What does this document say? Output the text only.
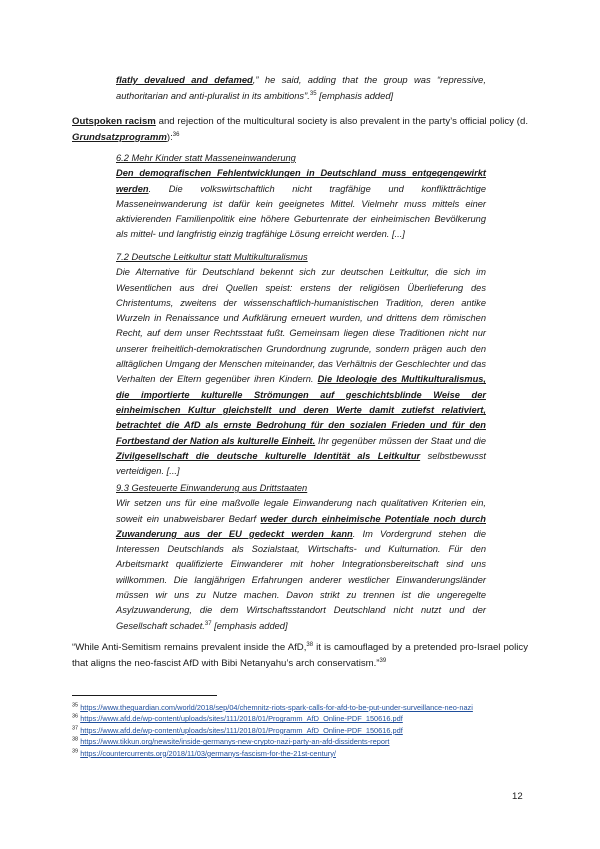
flatly devalued and defamed,” he said, adding that the group was “repressive, authoritarian and anti-pluralist in its ambitions”.$^{35}$ [emphasis added]
Outspoken racism and rejection of the multicultural society is also prevalent in the party’s official policy (d. Grundsatzprogramm):$^{36}$
6.2 Mehr Kinder statt Masseneinwanderung
Den demografischen Fehlentwicklungen in Deutschland muss entgegengewirkt werden. Die volkswirtschaftlich nicht tragfähige und konfliktträchtige Masseneinwanderung ist dafür kein geeignetes Mittel. Vielmehr muss mittels einer aktivierenden Familienpolitik eine höhere Geburtenrate der einheimischen Bevölkerung als mittel- und langfristig einzig tragfähige Lösung erreicht werden. [...]
7.2 Deutsche Leitkultur statt Multikulturalismus
Die Alternative für Deutschland bekennt sich zur deutschen Leitkultur, die sich im Wesentlichen aus drei Quellen speist: erstens der religiösen Überlieferung des Christentums, zweitens der wissenschaftlich-humanistischen Tradition, deren antike Wurzeln in Renaissance und Aufklärung erneuert wurden, und drittens dem römischen Recht, auf dem unser Rechtsstaat fußt. Gemeinsam liegen diese Traditionen nicht nur unserer freiheitlich-demokratischen Grundordnung zugrunde, sondern prägen auch den alltäglichen Umgang der Menschen miteinander, das Verhältnis der Geschlechter und das Verhalten der Eltern gegenüber ihren Kindern. Die Ideologie des Multikulturalismus, die importierte kulturelle Strömungen auf geschichtsblinde Weise der einheimischen Kultur gleichstellt und deren Werte damit zutiefst relativiert, betrachtet die AfD als ernste Bedrohung für den sozialen Frieden und für den Fortbestand der Nation als kulturelle Einheit. Ihr gegenüber müssen der Staat und die Zivilgesellschaft die deutsche kulturelle Identität als Leitkultur selbstbewusst verteidigen. [...]
9.3 Gesteuerte Einwanderung aus Drittstaaten
Wir setzen uns für eine maßvolle legale Einwanderung nach qualitativen Kriterien ein, soweit ein unabweisbarer Bedarf weder durch einheimische Potentiale noch durch Zuwanderung aus der EU gedeckt werden kann. Im Vordergrund stehen die Interessen Deutschlands als Sozialstaat, Wirtschafts- und Kulturnation. Für den Arbeitsmarkt qualifizierte Einwanderer mit hoher Integrationsbereitschaft sind uns willkommen. Die langjährigen Erfahrungen anderer westlicher Einwanderungsländer müssen wir uns zu Nutze machen. Davon strikt zu trennen ist die ungeregelte Asylzuwanderung, die dem Wirtschaftsstandort Deutschland nicht nutzt und der Gesellschaft schadet.$^{37}$ [emphasis added]
“While Anti-Semitism remains prevalent inside the AfD,$^{38}$ it is camouflaged by a pretended pro-Israel policy that aligns the neo-fascist AfD with Bibi Netanyahu’s arch conservatism.”$^{39}$
$^{35}$ https://www.theguardian.com/world/2018/sep/04/chemnitz-riots-spark-calls-for-afd-to-be-put-under-surveillance-neo-nazi
$^{36}$ https://www.afd.de/wp-content/uploads/sites/111/2018/01/Programm_AfD_Online-PDF_150616.pdf
$^{37}$ https://www.afd.de/wp-content/uploads/sites/111/2018/01/Programm_AfD_Online-PDF_150616.pdf
$^{38}$ https://www.tikkun.org/newsite/inside-germanys-new-crypto-nazi-party-an-afd-dissidents-report
$^{39}$ https://countercurrents.org/2018/11/03/germanys-fascism-for-the-21st-century/
12
